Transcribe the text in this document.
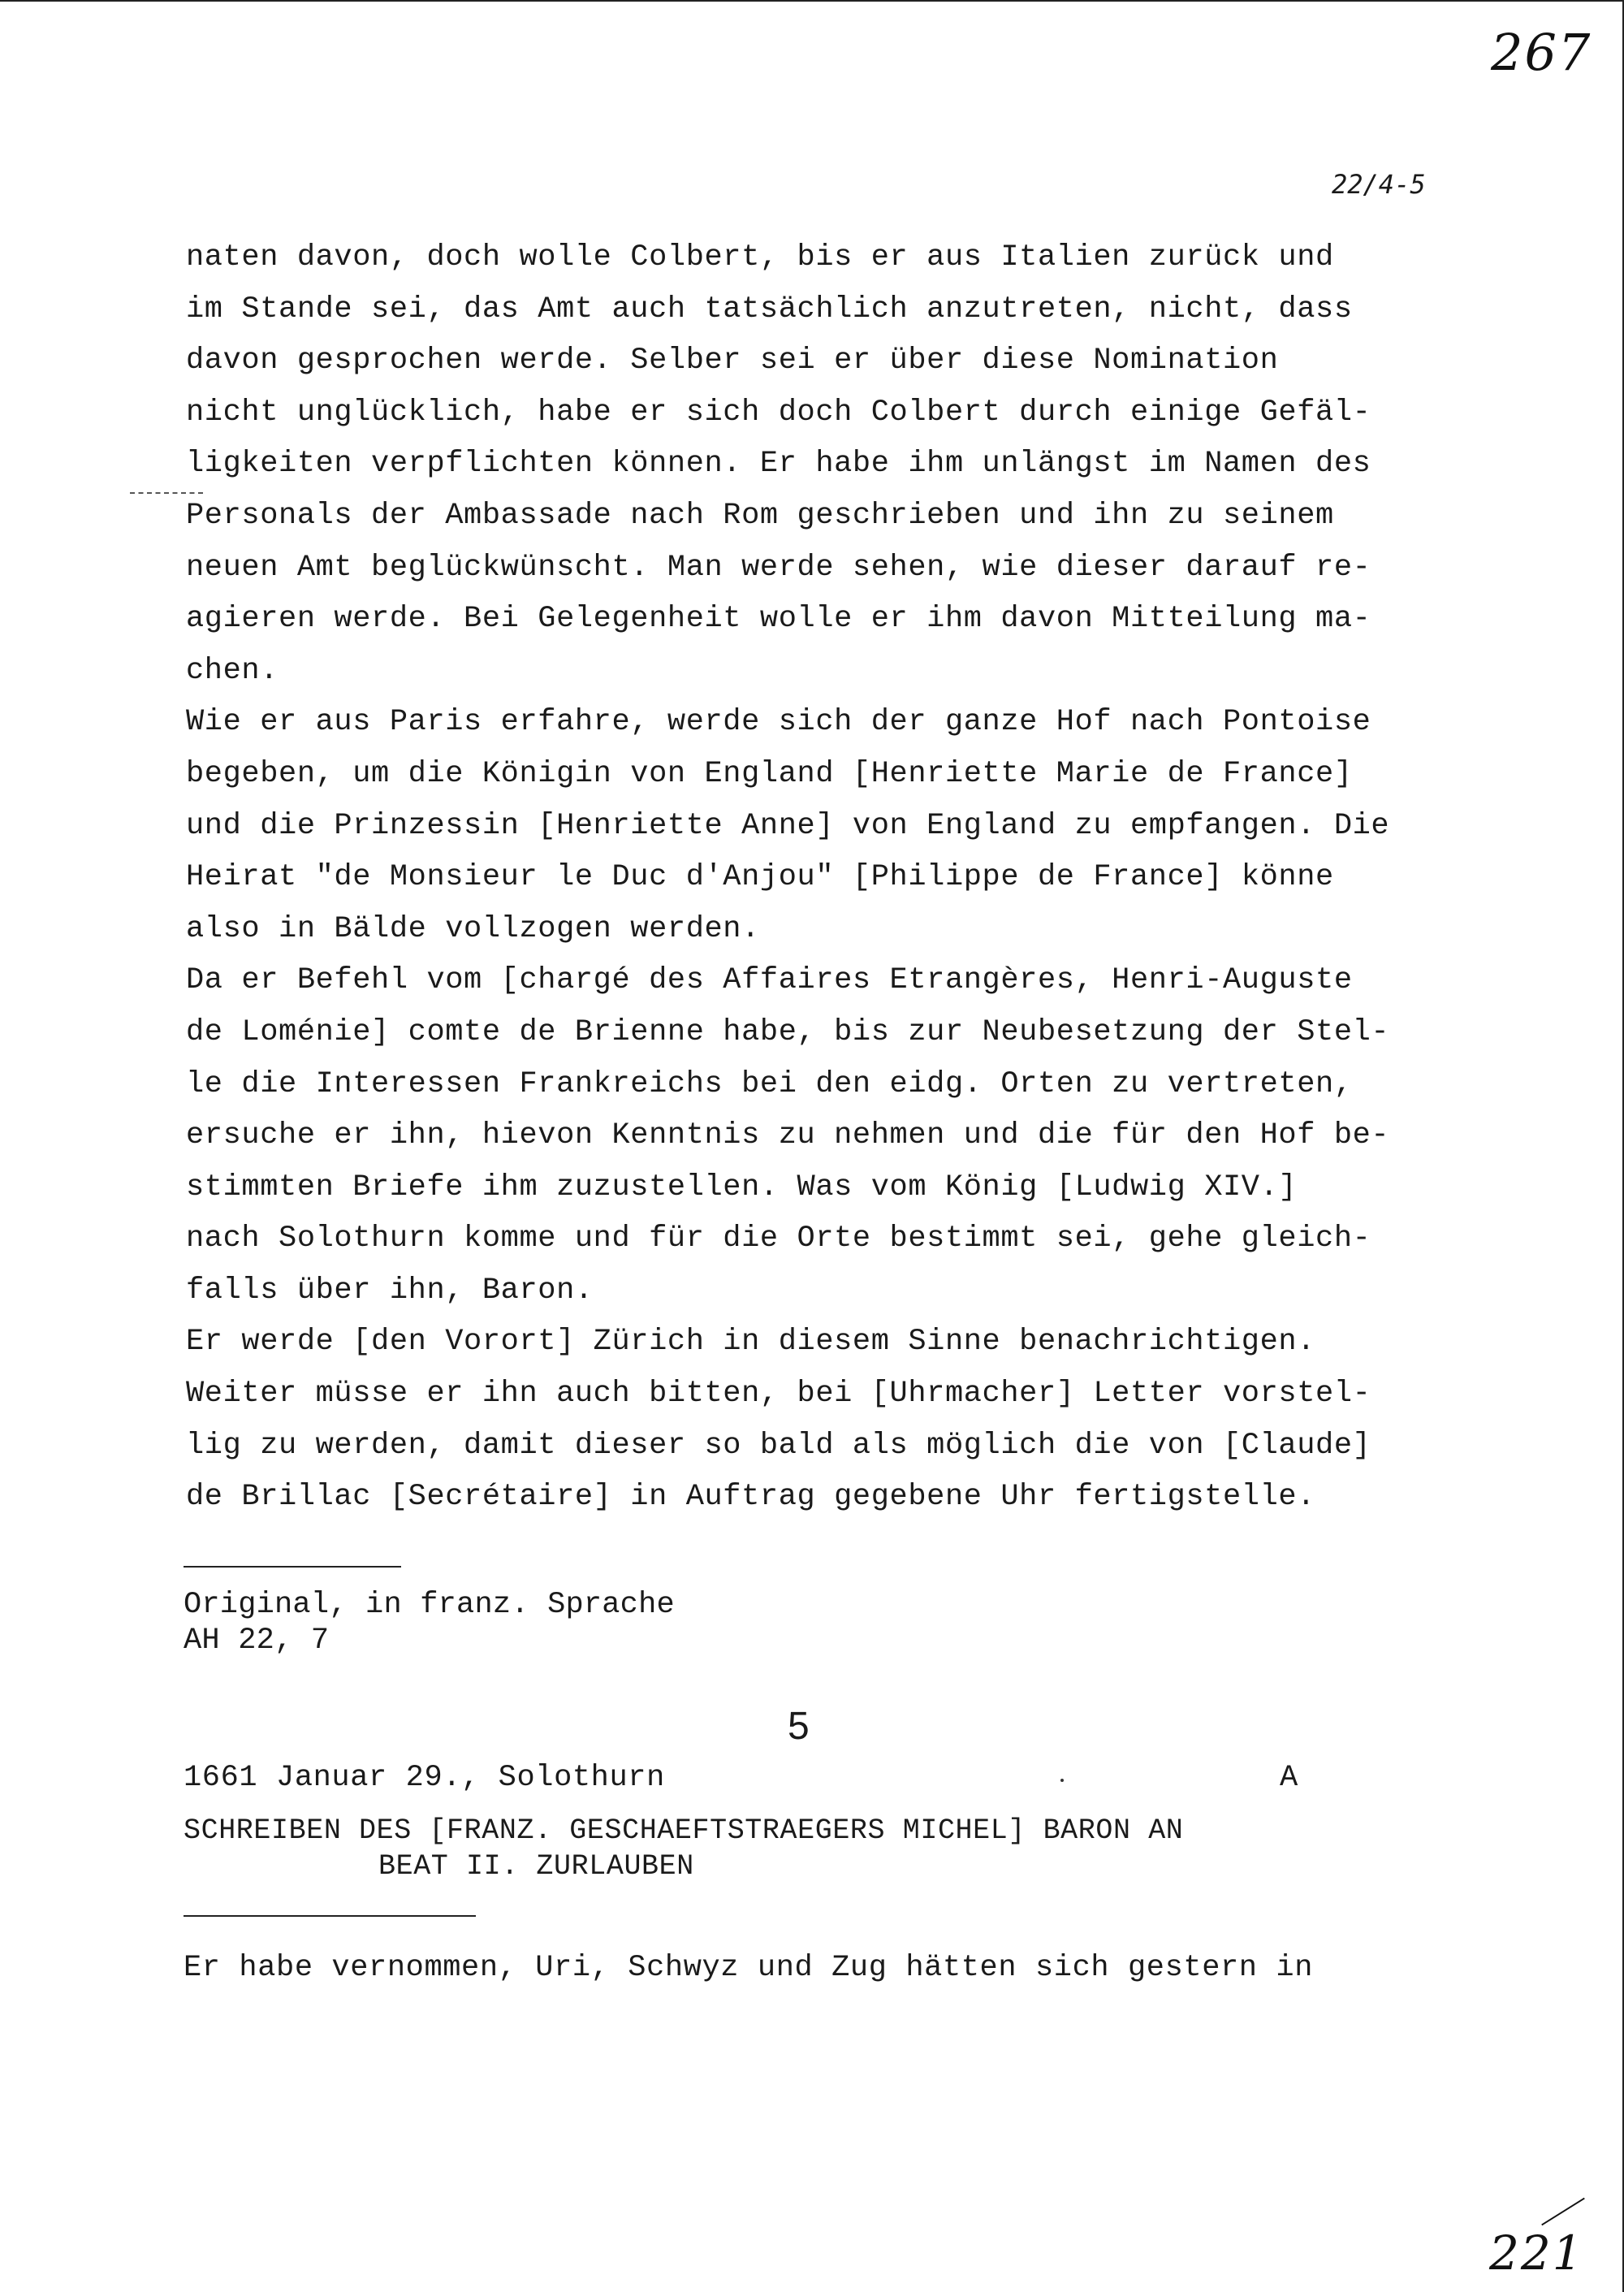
267
22/4-5
naten davon, doch wolle Colbert, bis er aus Italien zurück und
im Stande sei, das Amt auch tatsächlich anzutreten, nicht, dass
davon gesprochen werde. Selber sei er über diese Nomination
nicht unglücklich, habe er sich doch Colbert durch einige Gefäl-
ligkeiten verpflichten können. Er habe ihm unlängst im Namen des
Personals der Ambassade nach Rom geschrieben und ihn zu seinem
neuen Amt beglückwünscht. Man werde sehen, wie dieser darauf re-
agieren werde. Bei Gelegenheit wolle er ihm davon Mitteilung ma-
chen.
Wie er aus Paris erfahre, werde sich der ganze Hof nach Pontoise
begeben, um die Königin von England [Henriette Marie de France]
und die Prinzessin [Henriette Anne] von England zu empfangen. Die
Heirat "de Monsieur le Duc d'Anjou" [Philippe de France] könne
also in Bälde vollzogen werden.
Da er Befehl vom [chargé des Affaires Etrangères, Henri-Auguste
de Loménie] comte de Brienne habe, bis zur Neubesetzung der Stel-
le die Interessen Frankreichs bei den eidg. Orten zu vertreten,
ersuche er ihn, hievon Kenntnis zu nehmen und die für den Hof be-
stimmten Briefe ihm zuzustellen. Was vom König [Ludwig XIV.]
nach Solothurn komme und für die Orte bestimmt sei, gehe gleich-
falls über ihn, Baron.
Er werde [den Vorort] Zürich in diesem Sinne benachrichtigen.
Weiter müsse er ihn auch bitten, bei [Uhrmacher] Letter vorstel-
lig zu werden, damit dieser so bald als möglich die von [Claude]
de Brillac [Secrétaire] in Auftrag gegebene Uhr fertigstelle.
Original, in franz. Sprache
AH 22, 7
5
1661 Januar 29., Solothurn	A
SCHREIBEN DES [FRANZ. GESCHAEFTSTRAEGERS MICHEL] BARON AN
BEAT II. ZURLAUBEN
Er habe vernommen, Uri, Schwyz und Zug hätten sich gestern in
221
